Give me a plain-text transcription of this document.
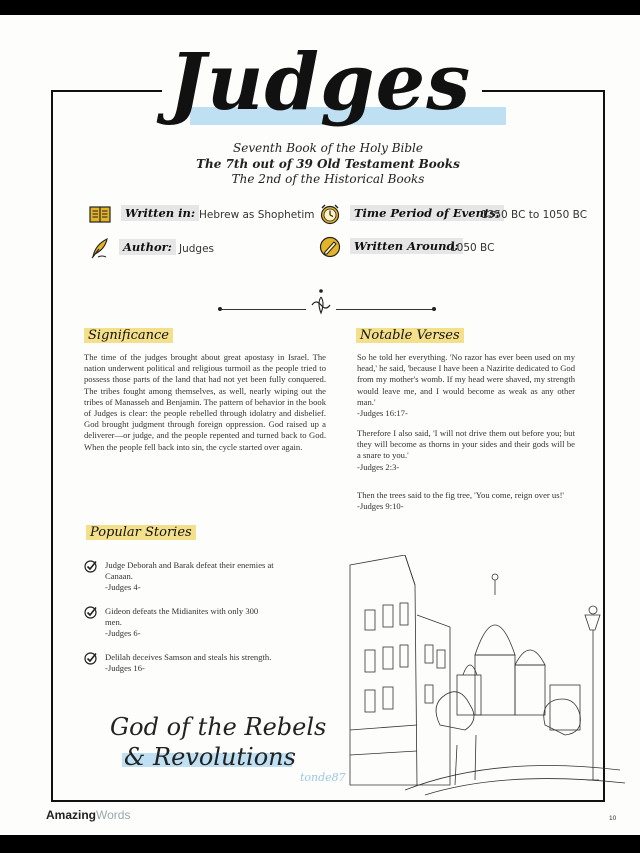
Judges
Seventh Book of the Holy Bible
The 7th out of 39 Old Testament Books
The 2nd of the Historical Books
Written in: Hebrew as Shophetim
Author: Judges
Time Period of Events:
1350 BC to 1050 BC
Written Around:
1050 BC
Significance
The time of the judges brought about great apostasy in Israel. The nation underwent political and religious turmoil as the people tried to possess those parts of the land that had not yet been fully conquered. The tribes fought among themselves, as well, nearly wiping out the tribes of Manasseh and Benjamin. The pattern of behavior in the book of Judges is clear: the people rebelled through idolatry and disbelief. God brought judgment through foreign oppression. God raised up a deliverer—or judge, and the people repented and turned back to God. When the people fell back into sin, the cycle started over again.
Notable Verses
So he told her everything. 'No razor has ever been used on my head,' he said, 'because I have been a Nazirite dedicated to God from my mother's womb. If my head were shaved, my strength would leave me, and I would become as weak as any other man.'
-Judges 16:17-
Therefore I also said, 'I will not drive them out before you; but they will become as thorns in your sides and their gods will be a snare to you.'
-Judges 2:3-
Then the trees said to the fig tree, 'You come, reign over us!'
-Judges 9:10-
Popular Stories
Judge Deborah and Barak defeat their enemies at Canaan.
-Judges 4-
Gideon defeats the Midianites with only 300 men.
-Judges 6-
Delilah deceives Samson and steals his strength.
-Judges 16-
God of the Rebels
& Revolutions
tonde87
AmazingWords	10
